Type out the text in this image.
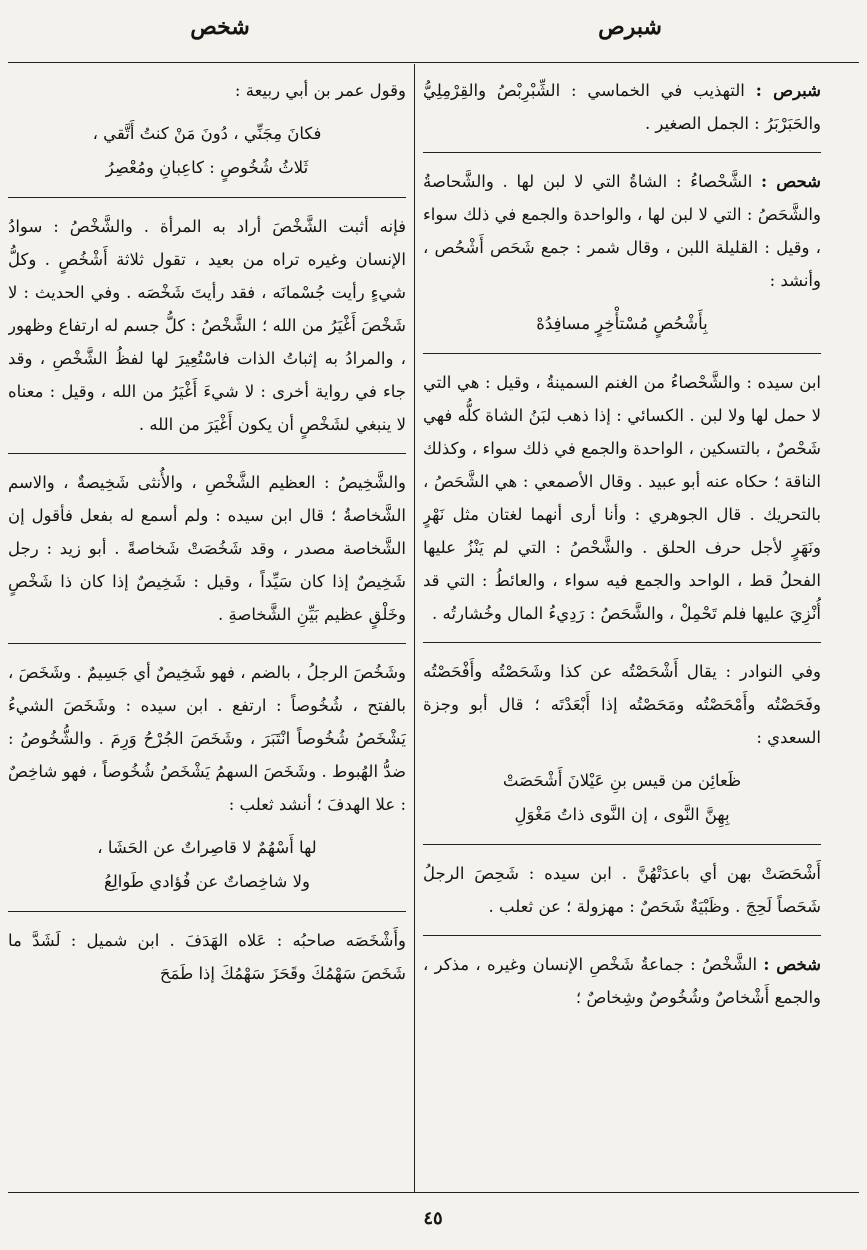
شبرص
شخص

شبرص : التهذيب في الخماسي : الشِّبْرِبْصُ والقِرْمِلِيُّ والحَبَرْبَرُ : الجمل الصغير .

شحص : الشَّحْصاءُ : الشاةُ التي لا لبن لها . والشَّحاصةُ والشَّحَصُ : التي لا لبن لها ، والواحدة والجمع في ذلك سواء ، وقيل : القليلة اللبن ، وقال شمر : جمع شَحَص أَشْحُص ، وأنشد :

بِأَشْحُصٍ مُسْتأْخِرٍ مسافِدُهْ

ابن سيده : والشَّحْصاءُ من الغنم السمينةُ ، وقيل : هي التي لا حمل لها ولا لبن . الكسائي : إذا ذهب لبَنُ الشاة كلُّه فهي شَحْصٌ ، بالتسكين ، الواحدة والجمع في ذلك سواء ، وكذلك الناقة ؛ حكاه عنه أبو عبيد . وقال الأصمعي : هي الشَّحَصُ ، بالتحريك . قال الجوهري : وأنا أرى أنهما لغتان مثل نَهْرٍ ونَهَرٍ لأجل حرف الحلق . والشَّحْصُ : التي لم يَنْزُ عليها الفحلُ قط ، الواحد والجمع فيه سواء ، والعائطُ : التي قد أُنْزِيَ عليها فلم تَحْمِلْ ، والشَّحَصُ : رَدِيءُ المال وخُشارتُه .

وفي النوادر : يقال أَشْحَصْتُه عن كذا وشَحَصْتُه وأَفْحَصْتُه وفَحَصْتُه وأَمْحَصْتُه ومَحَصْتُه إذا أَبْعَدْتَه ؛ قال أبو وجزة السعدي :

ظَعائِن من قيس بنِ عَيْلانَ أَشْحَصَتْ
بِهِنَّ النَّوى ، إن النَّوى ذاتُ مَغْوَلِ

أَشْحَصَتْ بهن أي باعدَتْهُنَّ . ابن سيده : شَحِصَ الرجلُ شَحَصاً لَحِجَ . وظَبْيَةٌ شَحَصٌ : مهزولة ؛ عن ثعلب .

شخص : الشَّخْصُ : جماعةُ شَخْصِ الإنسان وغيره ، مذكر ، والجمع أَشْخاصٌ وشُخُوصٌ وشِخاصٌ ؛

وقول عمر بن أبي ربيعة :

فكانَ مِجَنِّي ، دُونَ مَنْ كنتُ أَتَّقي ،
ثَلاثُ شُخُوصٍ : كاعِبانِ ومُعْصِرُ

فإنه أثبت الشَّخْصَ أراد به المرأة . والشَّخْصُ : سوادُ الإنسان وغيره تراه من بعيد ، تقول ثلاثة أَشْخُصٍ . وكلُّ شيءٍ رأيت جُسْمانَه ، فقد رأيتَ شَخْصَه . وفي الحديث : لا شَخْصَ أَغْيَرُ من الله ؛ الشَّخْصُ : كلُّ جسم له ارتفاع وظهور ، والمرادُ به إثباتُ الذات فاسْتُعِيرَ لها لفظُ الشَّخْصِ ، وقد جاء في رواية أخرى : لا شيءَ أَغْيَرُ من الله ، وقيل : معناه لا ينبغي لشَخْصٍ أن يكون أَغْيَرَ من الله .

والشَّخِيصُ : العظيم الشَّخْصِ ، والأُنثى شَخِيصةٌ ، والاسم الشَّخاصةُ ؛ قال ابن سيده : ولم أسمع له بفعل فأقول إن الشَّخاصة مصدر ، وقد شَخُصَتْ شَخاصةً . أبو زيد : رجل شَخِيصٌ إذا كان سَيِّداً ، وقيل : شَخِيصٌ إذا كان ذا شَخْصٍ وخَلْقٍ عظيم بَيِّنِ الشَّخاصةِ .

وشَخُصَ الرجلُ ، بالضم ، فهو شَخِيصٌ أي جَسِيمٌ . وشَخَصَ ، بالفتح ، شُخُوصاً : ارتفع . ابن سيده : وشَخَصَ الشيءُ يَشْخَصُ شُخُوصاً انْتَبَرَ ، وشَخَصَ الجُرْحُ وَرِمَ . والشُّخُوصُ : ضدُّ الهُبوط . وشَخَصَ السهمُ يَشْخَصُ شُخُوصاً ، فهو شاخِصٌ : علا الهدفَ ؛ أنشد ثعلب :

لها أَسْهُمٌ لا قاصِراتٌ عن الحَشَا ،
ولا شاخِصاتٌ عن فُؤادي طَوالِعُ

وأَشْخَصَه صاحبُه : عَلاه الهَدَفَ . ابن شميل : لَشَدَّ ما شَخَصَ سَهْمُكَ وقَحَزَ سَهْمُكَ إذا طَمَحَ

٤٥
